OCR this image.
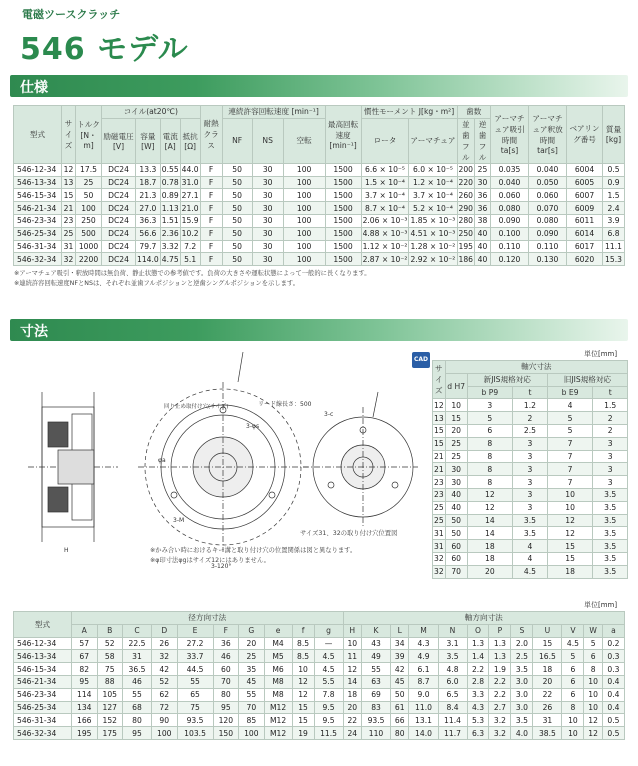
電磁ツースクラッチ
546 モデル
仕様
型式	サイズ	トルク [N・m]	コイル(at20℃)				耐熱クラス	連続許容回転速度 [min⁻¹]			最高回転速度 [min⁻¹]	慣性モーメント J[kg・m²]		歯数		アーマチュア吸引時間 ta[s]	アーマチュア釈放時間 tar[s]	ベアリング番号	質量 [kg]
			励磁電圧 [V]	容量 [W]	電流 [A]	抵抗 [Ω]		NF	NS	空転		ロータ	アーマチュア	並歯フル	逆歯フル				

546-12-34	12	17.5	DC24	13.3	0.55	44.0	F	50	30	100	1500	6.6 × 10⁻⁵	6.0 × 10⁻⁵	200	25	0.035	0.040	6004	0.5
546-13-34	13	25	DC24	18.7	0.78	31.0	F	50	30	100	1500	1.5 × 10⁻⁴	1.2 × 10⁻⁴	220	30	0.040	0.050	6005	0.9
546-15-34	15	50	DC24	21.3	0.89	27.1	F	50	30	100	1500	3.7 × 10⁻⁴	3.7 × 10⁻⁴	260	36	0.060	0.060	6007	1.5
546-21-34	21	100	DC24	27.0	1.13	21.0	F	50	30	100	1500	8.7 × 10⁻⁴	5.2 × 10⁻⁴	290	36	0.080	0.070	6009	2.4
546-23-34	23	250	DC24	36.3	1.51	15.9	F	50	30	100	1500	2.06 × 10⁻³	1.85 × 10⁻³	280	38	0.090	0.080	6011	3.9
546-25-34	25	500	DC24	56.6	2.36	10.2	F	50	30	100	1500	4.88 × 10⁻³	4.51 × 10⁻³	250	40	0.100	0.090	6014	6.8
546-31-34	31	1000	DC24	79.7	3.32	7.2	F	50	30	100	1500	1.12 × 10⁻²	1.28 × 10⁻²	195	40	0.110	0.110	6017	11.1
546-32-34	32	2200	DC24	114.0	4.75	5.1	F	50	30	100	1500	2.87 × 10⁻²	2.92 × 10⁻²	186	40	0.120	0.130	6020	15.3
※アーマチュア吸引・釈放時間は無負荷、静止状態での参考値です。負荷の大きさや運転状態によって一般的に長くなります。
※連続許容回転速度NFとNSは、それぞれ並歯フルポジションと逆歯シングルポジションを示します。
寸法
リード線長さ：500
回り止め取付け穴(サイズ)
3-φs
3-c
3-120°
3-M
φa
H	※かみ合い時におけるキー溝と取り付け穴の位置関係は図と異なります。
※φ印寸法φgはサイズ12にはありません。
サイズ31、32の取り付け穴位置図
CAD
単位[mm]
サイズ	軸穴寸法				
	d H7	新JIS規格対応		旧JIS規格対応	
		b P9	t	b E9	t
12	10	3	1.2	4	1.5
13	15	5	2	5	2
15	20	6	2.5	5	2
15	25	8	3	7	3
21	25	8	3	7	3
21	30	8	3	7	3
23	30	8	3	7	3
23	40	12	3	10	3.5
25	40	12	3	10	3.5
25	50	14	3.5	12	3.5
31	50	14	3.5	12	3.5
31	60	18	4	15	3.5
32	60	18	4	15	3.5
32	70	20	4.5	18	3.5
単位[mm]
型式	径方向寸法										軸方向寸法											
	A	B	C	D	E	F	G	e	f	g	H	K	L	M	N	O	P	S	U	V	W	a
546-12-34	57	52	22.5	26	27.2	36	20	M4	8.5	—	10	43	34	4.3	3.1	1.3	1.3	2.0	15	4.5	5	0.2
546-13-34	67	58	31	32	33.7	46	25	M5	8.5	4.5	11	49	39	4.9	3.5	1.4	1.3	2.5	16.5	5	6	0.3
546-15-34	82	75	36.5	42	44.5	60	35	M6	10	4.5	12	55	42	6.1	4.8	2.2	1.9	3.5	18	6	8	0.3
546-21-34	95	88	46	52	55	70	45	M8	12	5.5	14	63	45	8.7	6.0	2.8	2.2	3.0	20	6	10	0.4
546-23-34	114	105	55	62	65	80	55	M8	12	7.8	18	69	50	9.0	6.5	3.3	2.2	3.0	22	6	10	0.4
546-25-34	134	127	68	72	75	95	70	M12	15	9.5	20	83	61	11.0	8.4	4.3	2.7	3.0	26	8	10	0.4
546-31-34	166	152	80	90	93.5	120	85	M12	15	9.5	22	93.5	66	13.1	11.4	5.3	3.2	3.5	31	10	12	0.5
546-32-34	195	175	95	100	103.5	150	100	M12	19	11.5	24	110	80	14.0	11.7	6.3	3.2	4.0	38.5	10	12	0.5
